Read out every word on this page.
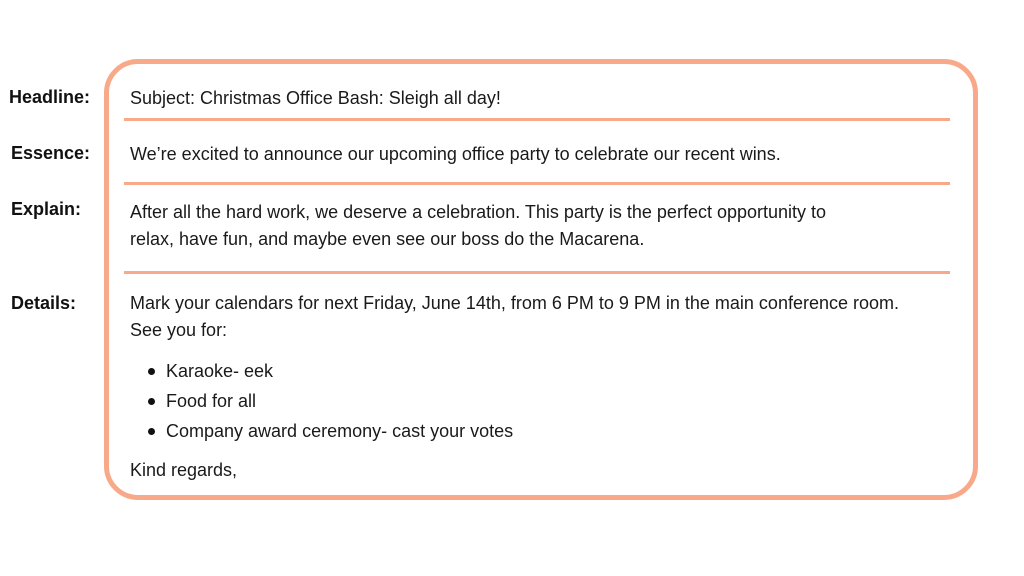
Headline:
Essence:
Explain:
Details:
Subject: Christmas Office Bash: Sleigh all day!
We’re excited to announce our upcoming office party to celebrate our recent wins.
After all the hard work, we deserve a celebration. This party is the perfect opportunity to relax, have fun, and maybe even see our boss do the Macarena.
Mark your calendars for next Friday, June 14th, from 6 PM to 9 PM in the main conference room. See you for:
Karaoke- eek
Food for all
Company award ceremony- cast your votes
Kind regards,
